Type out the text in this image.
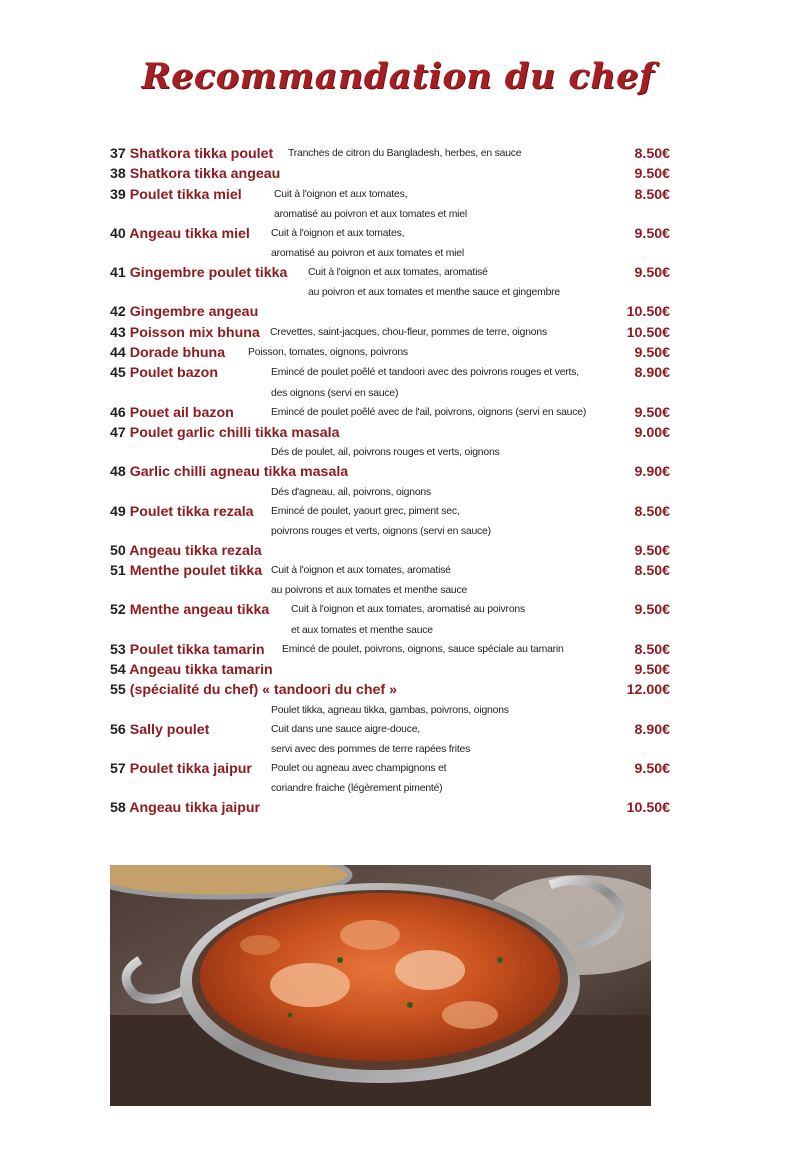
Recommandation du chef
37 Shatkora tikka poulet	8.50€
Tranches de citron du Bangladesh, herbes, en sauce
38 Shatkora tikka angeau	9.50€
39 Poulet tikka miel	8.50€
Cuit à l'oignon et aux tomates,
aromatisé au poivron et aux tomates et miel
40 Angeau tikka miel	9.50€
Cuit à l'oignon et aux tomates,
aromatisé au poivron et aux tomates et miel
41 Gingembre poulet tikka	9.50€
Cuit à l'oignon et aux tomates, aromatisé
au poivron et aux tomates et menthe sauce et gingembre
42 Gingembre angeau	10.50€
43 Poisson mix bhuna	10.50€
Crevettes, saint-jacques, chou-fleur, pommes de terre, oignons
44 Dorade bhuna	9.50€
Poisson, tomates, oignons, poivrons
45 Poulet bazon	8.90€
Emincé de poulet poêlé et tandoori avec des poivrons rouges et verts,
des oignons (servi en sauce)
46 Pouet ail bazon	9.50€
Emincé de poulet poêlé avec de l'ail, poivrons, oignons (servi en sauce)
47 Poulet garlic chilli tikka masala	9.00€
Dés de poulet, ail, poivrons rouges et verts, oignons
48 Garlic chilli agneau tikka masala	9.90€
Dés d'agneau, ail, poivrons, oignons
49 Poulet tikka rezala	8.50€
Emincé de poulet, yaourt grec, piment sec,
poivrons rouges et verts, oignons (servi en sauce)
50 Angeau tikka rezala	9.50€
51 Menthe poulet tikka	8.50€
Cuit à l'oignon et aux tomates, aromatisé
au poivrons et aux tomates et menthe sauce
52 Menthe angeau tikka	9.50€
Cuit à l'oignon et aux tomates, aromatisé au poivrons
et aux tomates et menthe sauce
53 Poulet tikka tamarin	8.50€
Emincé de poulet, poivrons, oignons, sauce spéciale au tamarin
54 Angeau tikka tamarin	9.50€
55 (spécialité du chef) « tandoori du chef »	12.00€
Poulet tikka, agneau tikka, gambas, poivrons, oignons
56 Sally poulet	8.90€
Cuit dans une sauce aigre-douce,
servi avec des pommes de terre rapées frites
57 Poulet tikka jaipur	9.50€
Poulet ou agneau avec champignons et
coriandre fraiche (légèrement pimenté)
58 Angeau tikka jaipur	10.50€
